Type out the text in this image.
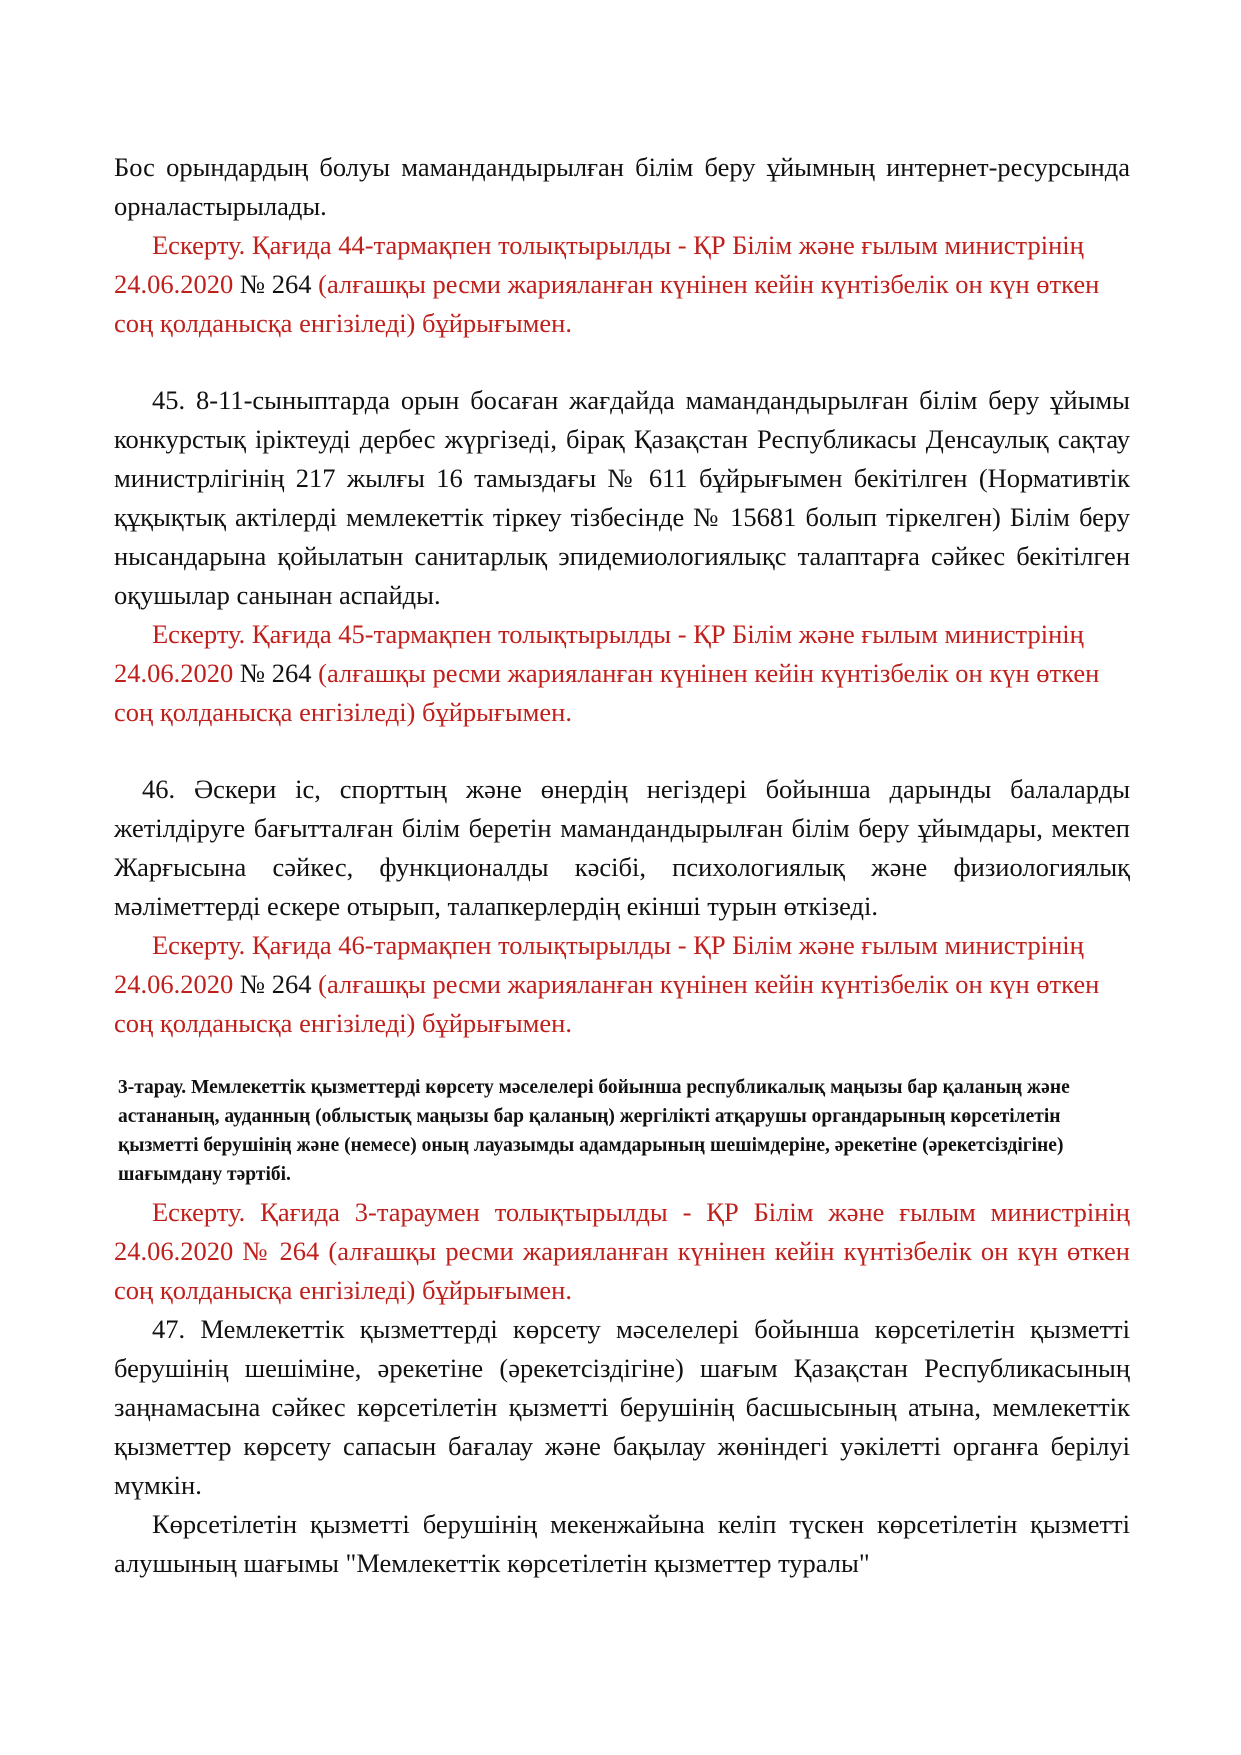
Бос орындардың болуы мамандандырылған білім беру ұйымның интернет-ресурсында орналастырылады.

Ескерту. Қағида 44-тармақпен толықтырылды - ҚР Білім және ғылым министрінің 24.06.2020 № 264 (алғашқы ресми жарияланған күнінен кейін күнтізбелік он күн өткен соң қолданысқа енгізіледі) бұйрығымен.

45. 8-11-сыныптарда орын босаған жағдайда мамандандырылған білім беру ұйымы конкурстық іріктеуді дербес жүргізеді, бірақ Қазақстан Республикасы Денсаулық сақтау министрлігінің 217 жылғы 16 тамыздағы № 611 бұйрығымен бекітілген (Нормативтік құқықтық актілерді мемлекеттік тіркеу тізбесінде № 15681 болып тіркелген) Білім беру нысандарына қойылатын санитарлық эпидемиологиялықс талаптарға сәйкес бекітілген оқушылар санынан аспайды.

Ескерту. Қағида 45-тармақпен толықтырылды - ҚР Білім және ғылым министрінің 24.06.2020 № 264 (алғашқы ресми жарияланған күнінен кейін күнтізбелік он күн өткен соң қолданысқа енгізіледі) бұйрығымен.

46. Әскери іс, спорттың және өнердің негіздері бойынша дарынды балаларды жетілдіруге бағытталған білім беретін мамандандырылған білім беру ұйымдары, мектеп Жарғысына сәйкес, функционалды кәсібі, психологиялық және физиологиялық мәліметтерді ескере отырып, талапкерлердің екінші турын өткізеді.

Ескерту. Қағида 46-тармақпен толықтырылды - ҚР Білім және ғылым министрінің 24.06.2020 № 264 (алғашқы ресми жарияланған күнінен кейін күнтізбелік он күн өткен соң қолданысқа енгізіледі) бұйрығымен.

3-тарау. Мемлекеттік қызметтерді көрсету мәселелері бойынша республикалық маңызы бар қаланың және астананың, ауданның (облыстық маңызы бар қаланың) жергілікті атқарушы органдарының көрсетілетін қызметті берушінің және (немесе) оның лауазымды адамдарының шешімдеріне, әрекетіне (әрекетсіздігіне) шағымдану тәртібі.

Ескерту. Қағида 3-тараумен толықтырылды - ҚР Білім және ғылым министрінің 24.06.2020 № 264 (алғашқы ресми жарияланған күнінен кейін күнтізбелік он күн өткен соң қолданысқа енгізіледі) бұйрығымен.

47. Мемлекеттік қызметтерді көрсету мәселелері бойынша көрсетілетін қызметті берушінің шешіміне, әрекетіне (әрекетсіздігіне) шағым Қазақстан Республикасының заңнамасына сәйкес көрсетілетін қызметті берушінің басшысының атына, мемлекеттік қызметтер көрсету сапасын бағалау және бақылау жөніндегі уәкілетті органға берілуі мүмкін.

Көрсетілетін қызметті берушінің мекенжайына келіп түскен көрсетілетін қызметті алушының шағымы "Мемлекеттік көрсетілетін қызметтер туралы"
